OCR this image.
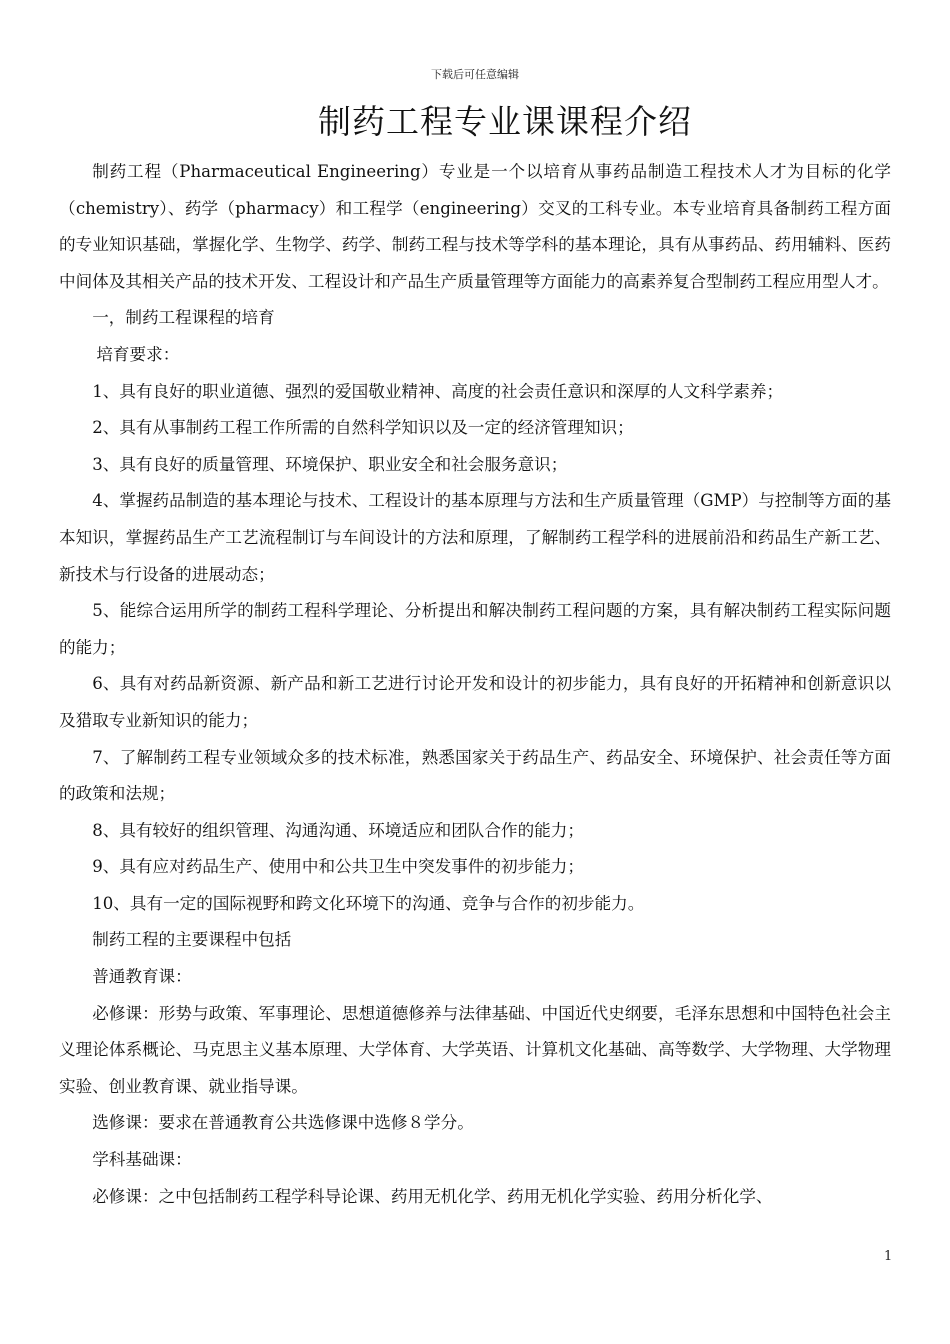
下载后可任意编辑
制药工程专业课课程介绍

制药工程（Pharmaceutical Engineering）专业是一个以培育从事药品制造工程技术人才为目标的化学（chemistry）、药学（pharmacy）和工程学（engineering）交叉的工科专业。本专业培育具备制药工程方面的专业知识基础，掌握化学、生物学、药学、制药工程与技术等学科的基本理论，具有从事药品、药用辅料、医药中间体及其相关产品的技术开发、工程设计和产品生产质量管理等方面能力的高素养复合型制药工程应用型人才。

一，制药工程课程的培育

培育要求：

1、具有良好的职业道德、强烈的爱国敬业精神、高度的社会责任意识和深厚的人文科学素养；

2、具有从事制药工程工作所需的自然科学知识以及一定的经济管理知识；

3、具有良好的质量管理、环境保护、职业安全和社会服务意识；

4、掌握药品制造的基本理论与技术、工程设计的基本原理与方法和生产质量管理（GMP）与控制等方面的基本知识，掌握药品生产工艺流程制订与车间设计的方法和原理，了解制药工程学科的进展前沿和药品生产新工艺、新技术与行设备的进展动态；

5、能综合运用所学的制药工程科学理论、分析提出和解决制药工程问题的方案，具有解决制药工程实际问题的能力；

6、具有对药品新资源、新产品和新工艺进行讨论开发和设计的初步能力，具有良好的开拓精神和创新意识以及猎取专业新知识的能力；

7、了解制药工程专业领域众多的技术标准，熟悉国家关于药品生产、药品安全、环境保护、社会责任等方面的政策和法规；

8、具有较好的组织管理、沟通沟通、环境适应和团队合作的能力；

9、具有应对药品生产、使用中和公共卫生中突发事件的初步能力；

10、具有一定的国际视野和跨文化环境下的沟通、竞争与合作的初步能力。

制药工程的主要课程中包括

普通教育课：

必修课：形势与政策、军事理论、思想道德修养与法律基础、中国近代史纲要，毛泽东思想和中国特色社会主义理论体系概论、马克思主义基本原理、大学体育、大学英语、计算机文化基础、高等数学、大学物理、大学物理实验、创业教育课、就业指导课。

选修课：要求在普通教育公共选修课中选修８学分。

学科基础课：

必修课：之中包括制药工程学科导论课、药用无机化学、药用无机化学实验、药用分析化学、

1
